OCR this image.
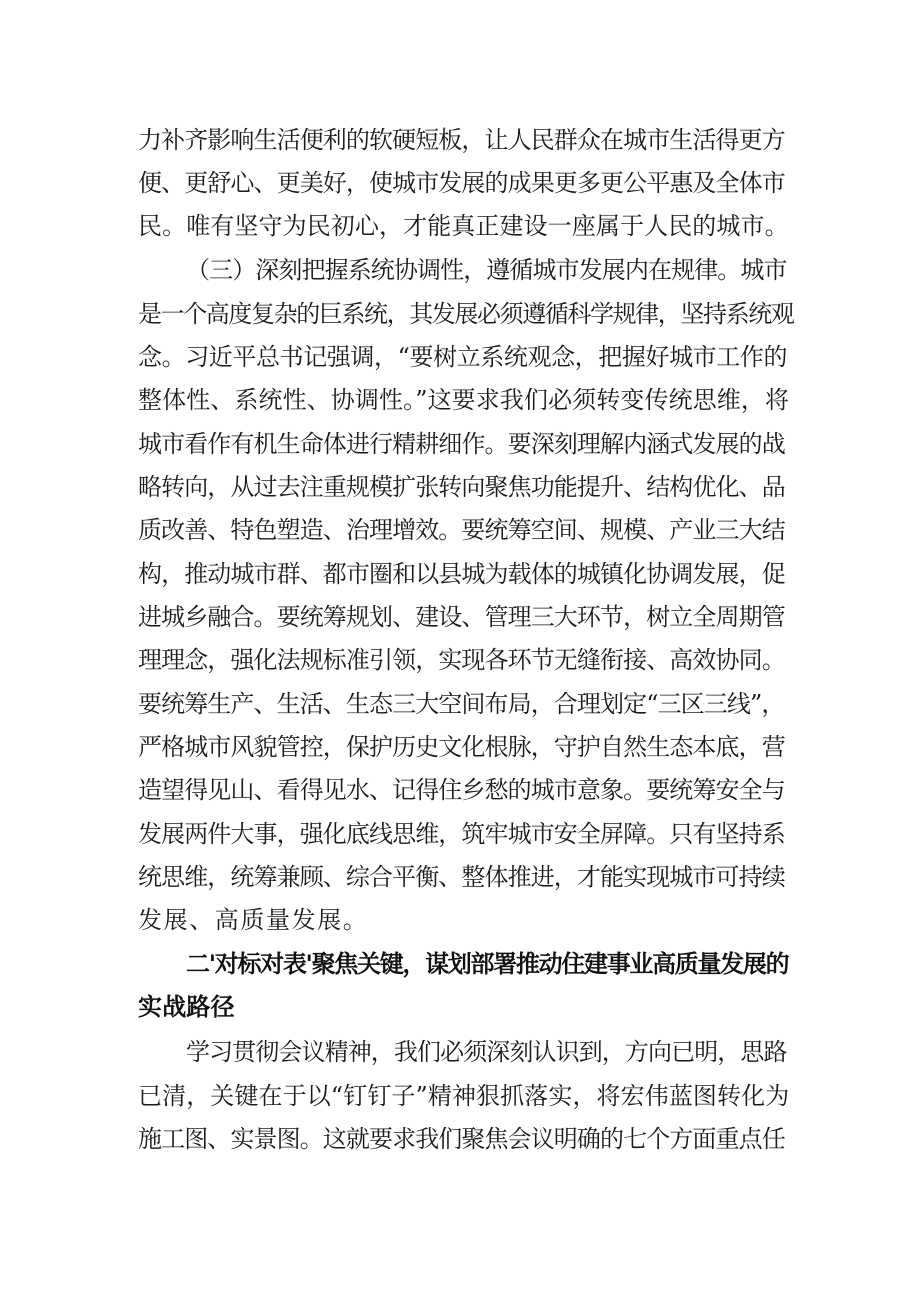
力补齐影响生活便利的软硬短板，让人民群众在城市生活得更方
便、更舒心、更美好，使城市发展的成果更多更公平惠及全体市
民。唯有坚守为民初心，才能真正建设一座属于人民的城市。
（三）深刻把握系统协调性，遵循城市发展内在规律。城市
是一个高度复杂的巨系统，其发展必须遵循科学规律，坚持系统观
念。习近平总书记强调，“要树立系统观念，把握好城市工作的
整体性、系统性、协调性。”这要求我们必须转变传统思维，将
城市看作有机生命体进行精耕细作。要深刻理解内涵式发展的战
略转向，从过去注重规模扩张转向聚焦功能提升、结构优化、品
质改善、特色塑造、治理增效。要统筹空间、规模、产业三大结
构，推动城市群、都市圈和以县城为载体的城镇化协调发展，促
进城乡融合。要统筹规划、建设、管理三大环节，树立全周期管
理理念，强化法规标准引领，实现各环节无缝衔接、高效协同。
要统筹生产、生活、生态三大空间布局，合理划定“三区三线”，
严格城市风貌管控，保护历史文化根脉，守护自然生态本底，营
造望得见山、看得见水、记得住乡愁的城市意象。要统筹安全与
发展两件大事，强化底线思维，筑牢城市安全屏障。只有坚持系
统思维，统筹兼顾、综合平衡、整体推进，才能实现城市可持续
发展、高质量发展。
二'对标对表'聚焦关键，谋划部署推动住建事业高质量发展的
实战路径
学习贯彻会议精神，我们必须深刻认识到，方向已明，思路
已清，关键在于以“钉钉子”精神狠抓落实，将宏伟蓝图转化为
施工图、实景图。这就要求我们聚焦会议明确的七个方面重点任
